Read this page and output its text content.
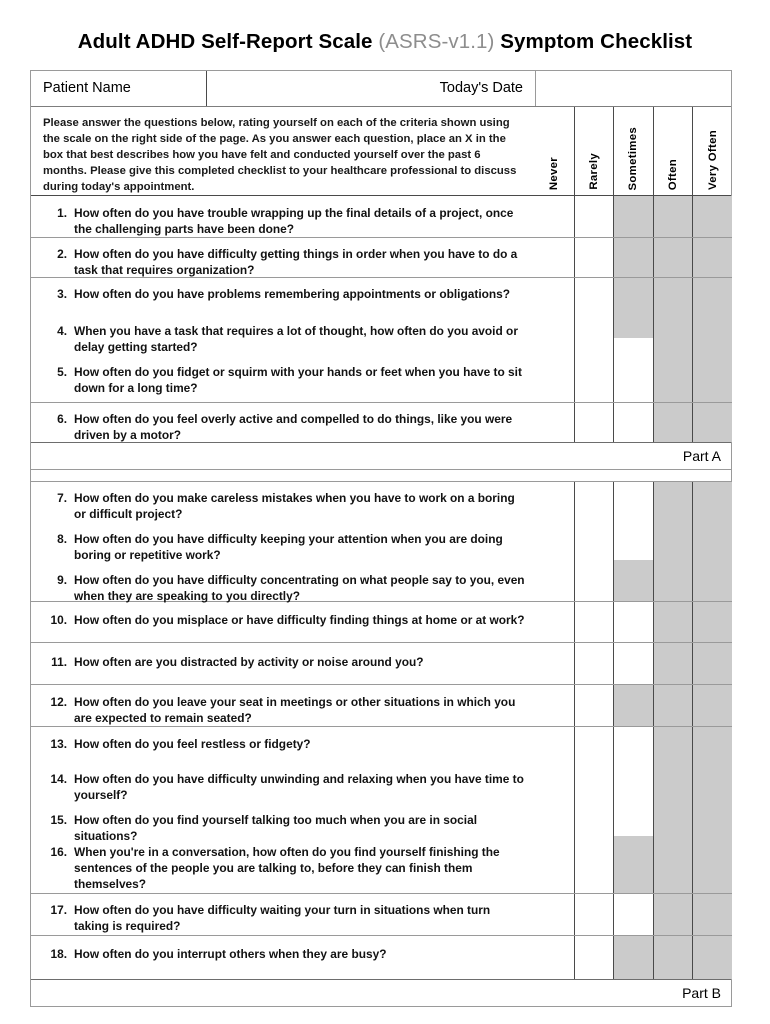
Adult ADHD Self-Report Scale (ASRS-v1.1) Symptom Checklist
Patient Name	Today's Date
Please answer the questions below, rating yourself on each of the criteria shown using the scale on the right side of the page. As you answer each question, place an X in the box that best describes how you have felt and conducted yourself over the past 6 months. Please give this completed checklist to your healthcare professional to discuss during today's appointment.	Never Rarely Sometimes Often Very Often
1. How often do you have trouble wrapping up the final details of a project, once the challenging parts have been done?
2. How often do you have difficulty getting things in order when you have to do a task that requires organization?
3. How often do you have problems remembering appointments or obligations?
4. When you have a task that requires a lot of thought, how often do you avoid or delay getting started?
5. How often do you fidget or squirm with your hands or feet when you have to sit down for a long time?
6. How often do you feel overly active and compelled to do things, like you were driven by a motor?
Part A
7. How often do you make careless mistakes when you have to work on a boring or difficult project?
8. How often do you have difficulty keeping your attention when you are doing boring or repetitive work?
9. How often do you have difficulty concentrating on what people say to you, even when they are speaking to you directly?
10. How often do you misplace or have difficulty finding things at home or at work?
11. How often are you distracted by activity or noise around you?
12. How often do you leave your seat in meetings or other situations in which you are expected to remain seated?
13. How often do you feel restless or fidgety?
14. How often do you have difficulty unwinding and relaxing when you have time to yourself?
15. How often do you find yourself talking too much when you are in social situations?
16. When you're in a conversation, how often do you find yourself finishing the sentences of the people you are talking to, before they can finish them themselves?
17. How often do you have difficulty waiting your turn in situations when turn taking is required?
18. How often do you interrupt others when they are busy?
Part B
